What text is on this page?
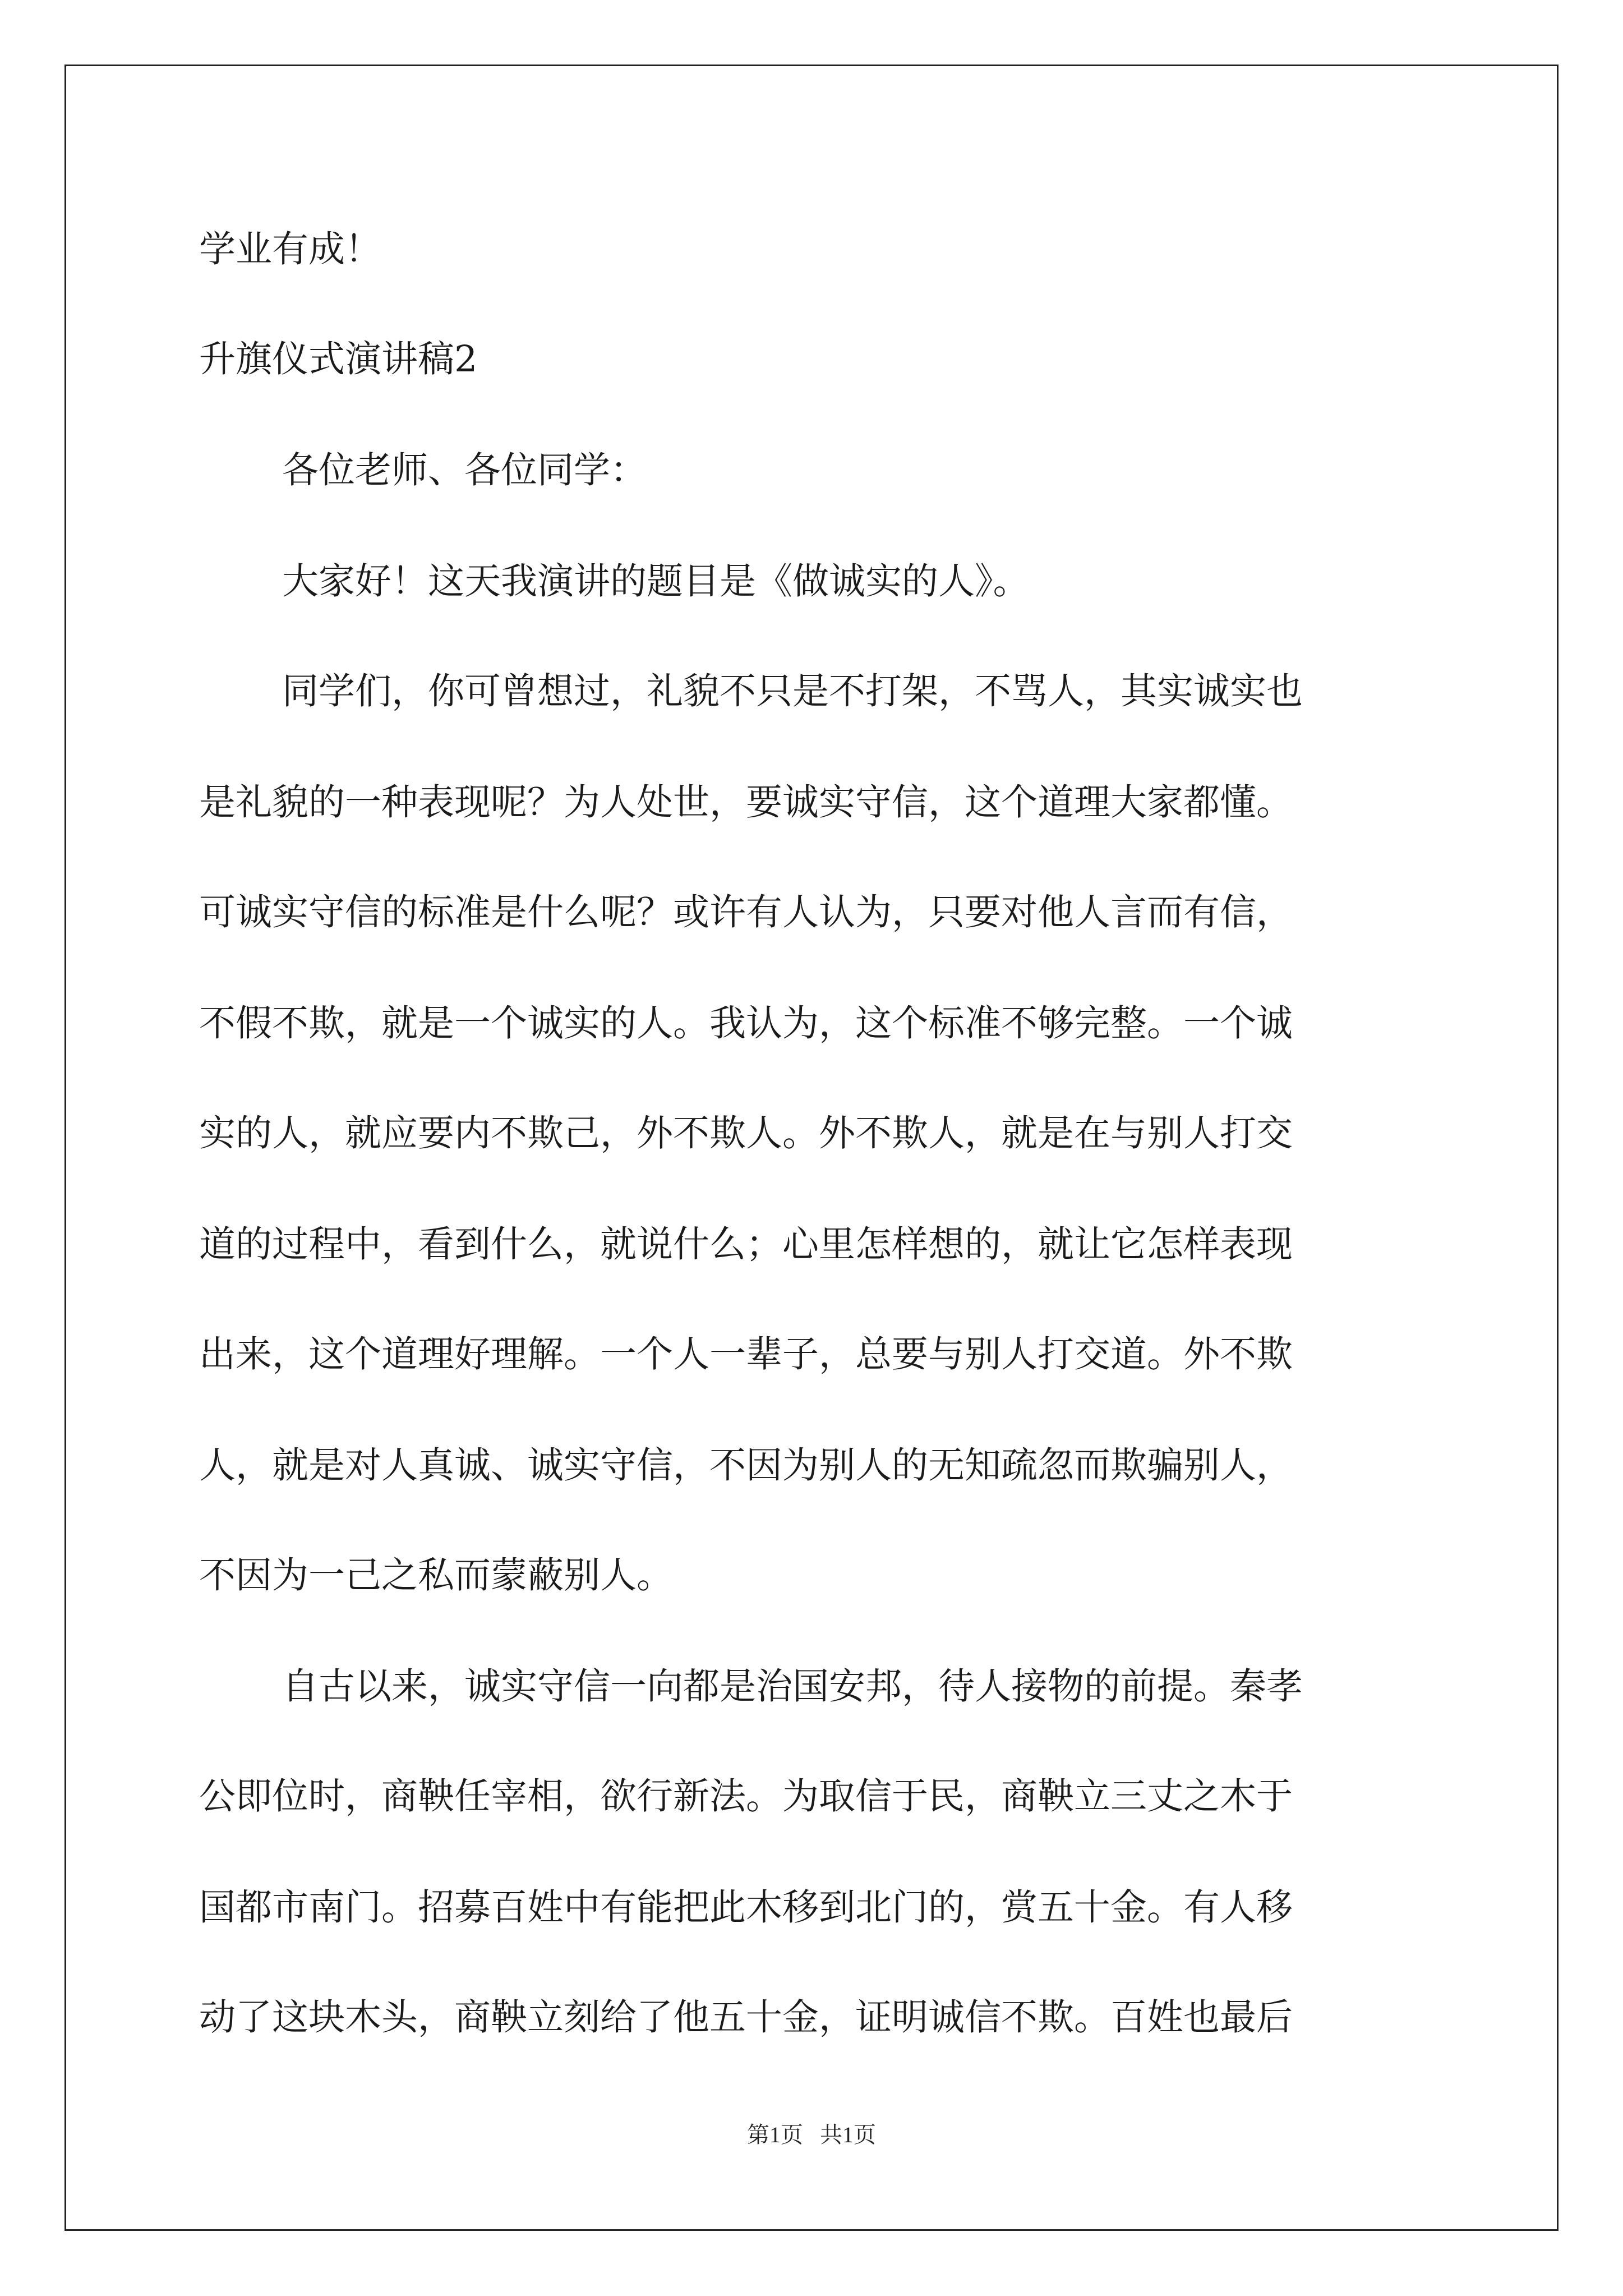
学业有成！
升旗仪式演讲稿2
各位老师、各位同学：
大家好！这天我演讲的题目是《做诚实的人》。
同学们，你可曾想过，礼貌不只是不打架，不骂人，其实诚实也
是礼貌的一种表现呢？为人处世，要诚实守信，这个道理大家都懂。
可诚实守信的标准是什么呢？或许有人认为，只要对他人言而有信，
不假不欺，就是一个诚实的人。我认为，这个标准不够完整。一个诚
实的人，就应要内不欺己，外不欺人。外不欺人，就是在与别人打交
道的过程中，看到什么，就说什么；心里怎样想的，就让它怎样表现
出来，这个道理好理解。一个人一辈子，总要与别人打交道。外不欺
人，就是对人真诚、诚实守信，不因为别人的无知疏忽而欺骗别人，
不因为一己之私而蒙蔽别人。
自古以来，诚实守信一向都是治国安邦，待人接物的前提。秦孝
公即位时，商鞅任宰相，欲行新法。为取信于民，商鞅立三丈之木于
国都市南门。招募百姓中有能把此木移到北门的，赏五十金。有人移
动了这块木头，商鞅立刻给了他五十金，证明诚信不欺。百姓也最后
第1页   共1页
